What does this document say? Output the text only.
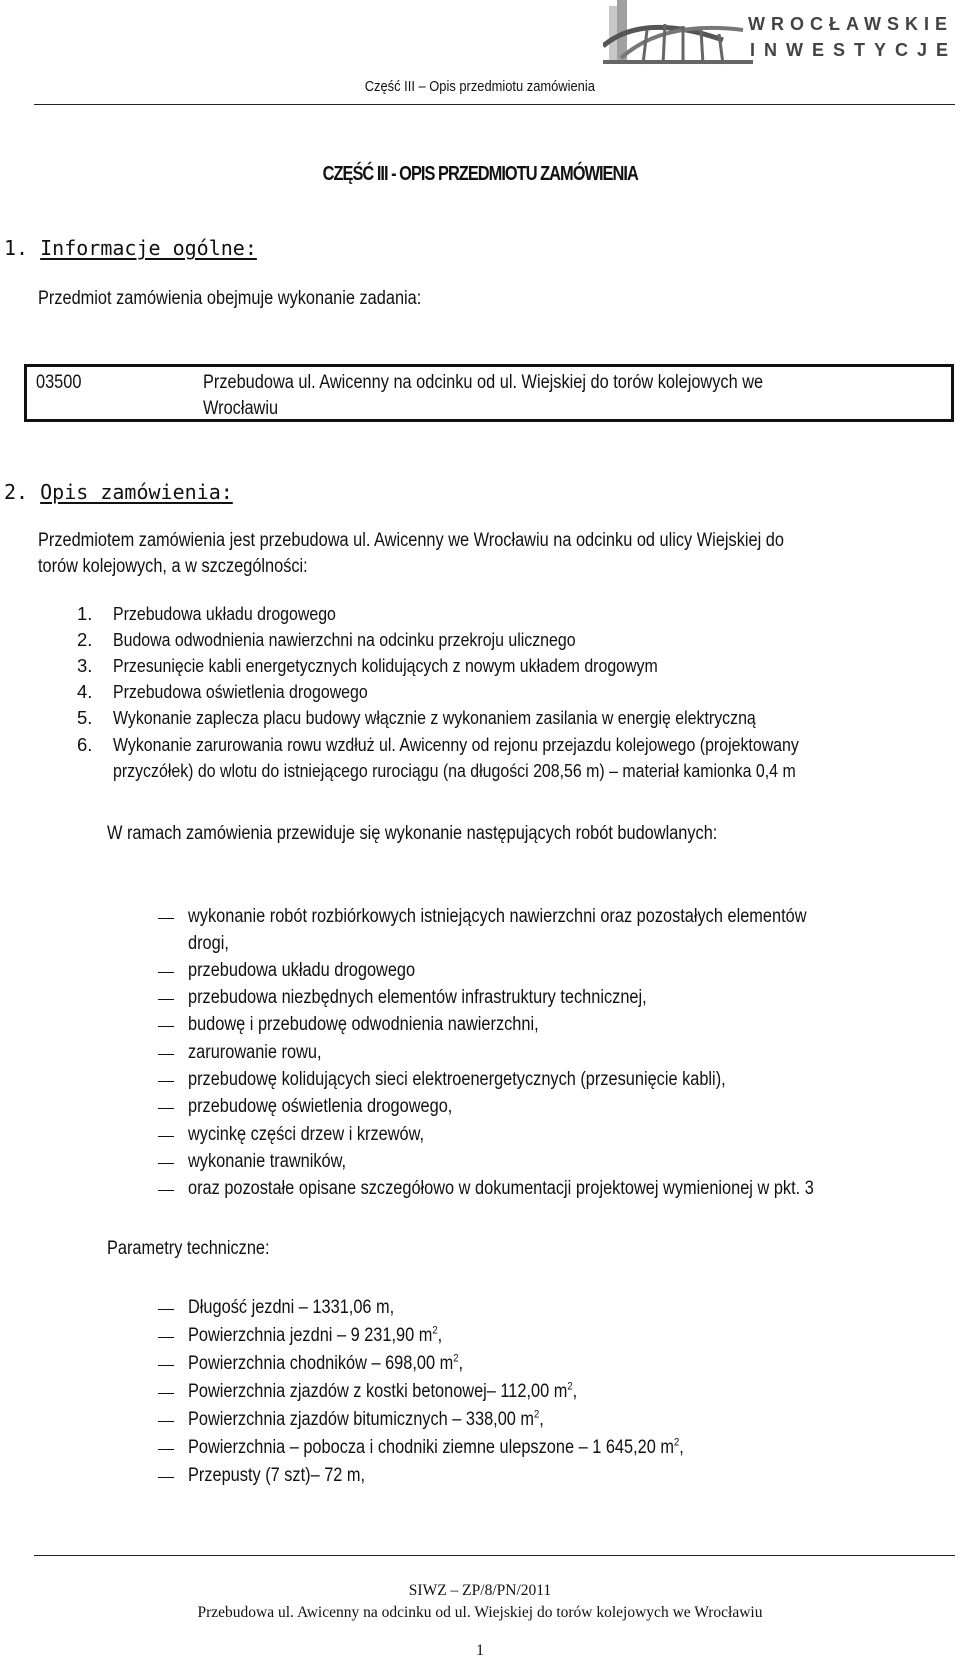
WROCŁAWSKIE
INWESTYCJE
Część III – Opis przedmiotu zamówienia
CZĘŚĆ III - OPIS PRZEDMIOTU ZAMÓWIENIA
1. Informacje ogólne:
Przedmiot zamówienia obejmuje wykonanie zadania:
03500	Przebudowa ul. Awicenny na odcinku od ul. Wiejskiej do torów kolejowych we
Wrocławiu
2. Opis zamówienia:
Przedmiotem zamówienia jest przebudowa ul. Awicenny we Wrocławiu na odcinku od ulicy Wiejskiej do
torów kolejowych, a w szczególności:
1. Przebudowa układu drogowego
2. Budowa odwodnienia nawierzchni na odcinku przekroju ulicznego
3. Przesunięcie kabli energetycznych kolidujących z nowym układem drogowym
4. Przebudowa oświetlenia drogowego
5. Wykonanie zaplecza placu budowy włącznie z wykonaniem zasilania w energię elektryczną
6. Wykonanie zarurowania rowu wzdłuż ul. Awicenny od rejonu przejazdu kolejowego (projektowany
przyczółek) do wlotu do istniejącego rurociągu (na długości 208,56 m) – materiał kamionka 0,4 m
W ramach zamówienia przewiduje się wykonanie następujących robót budowlanych:
wykonanie robót rozbiórkowych istniejących nawierzchni oraz pozostałych elementów
drogi,
przebudowa układu drogowego
przebudowa niezbędnych elementów infrastruktury technicznej,
budowę i przebudowę odwodnienia nawierzchni,
zarurowanie rowu,
przebudowę kolidujących sieci elektroenergetycznych (przesunięcie kabli),
przebudowę oświetlenia drogowego,
wycinkę części drzew i krzewów,
wykonanie trawników,
oraz pozostałe opisane szczegółowo w dokumentacji projektowej wymienionej w pkt. 3
Parametry techniczne:
Długość jezdni – 1331,06 m,
Powierzchnia jezdni – 9 231,90 $m^2$,
Powierzchnia chodników – 698,00 $m^2$,
Powierzchnia zjazdów z kostki betonowej– 112,00 $m^2$,
Powierzchnia zjazdów bitumicznych – 338,00 $m^2$,
Powierzchnia – pobocza i chodniki ziemne ulepszone – 1 645,20 $m^2$,
Przepusty (7 szt)– 72 m,
SIWZ – ZP/8/PN/2011
Przebudowa ul. Awicenny na odcinku od ul. Wiejskiej do torów kolejowych we Wrocławiu
1
